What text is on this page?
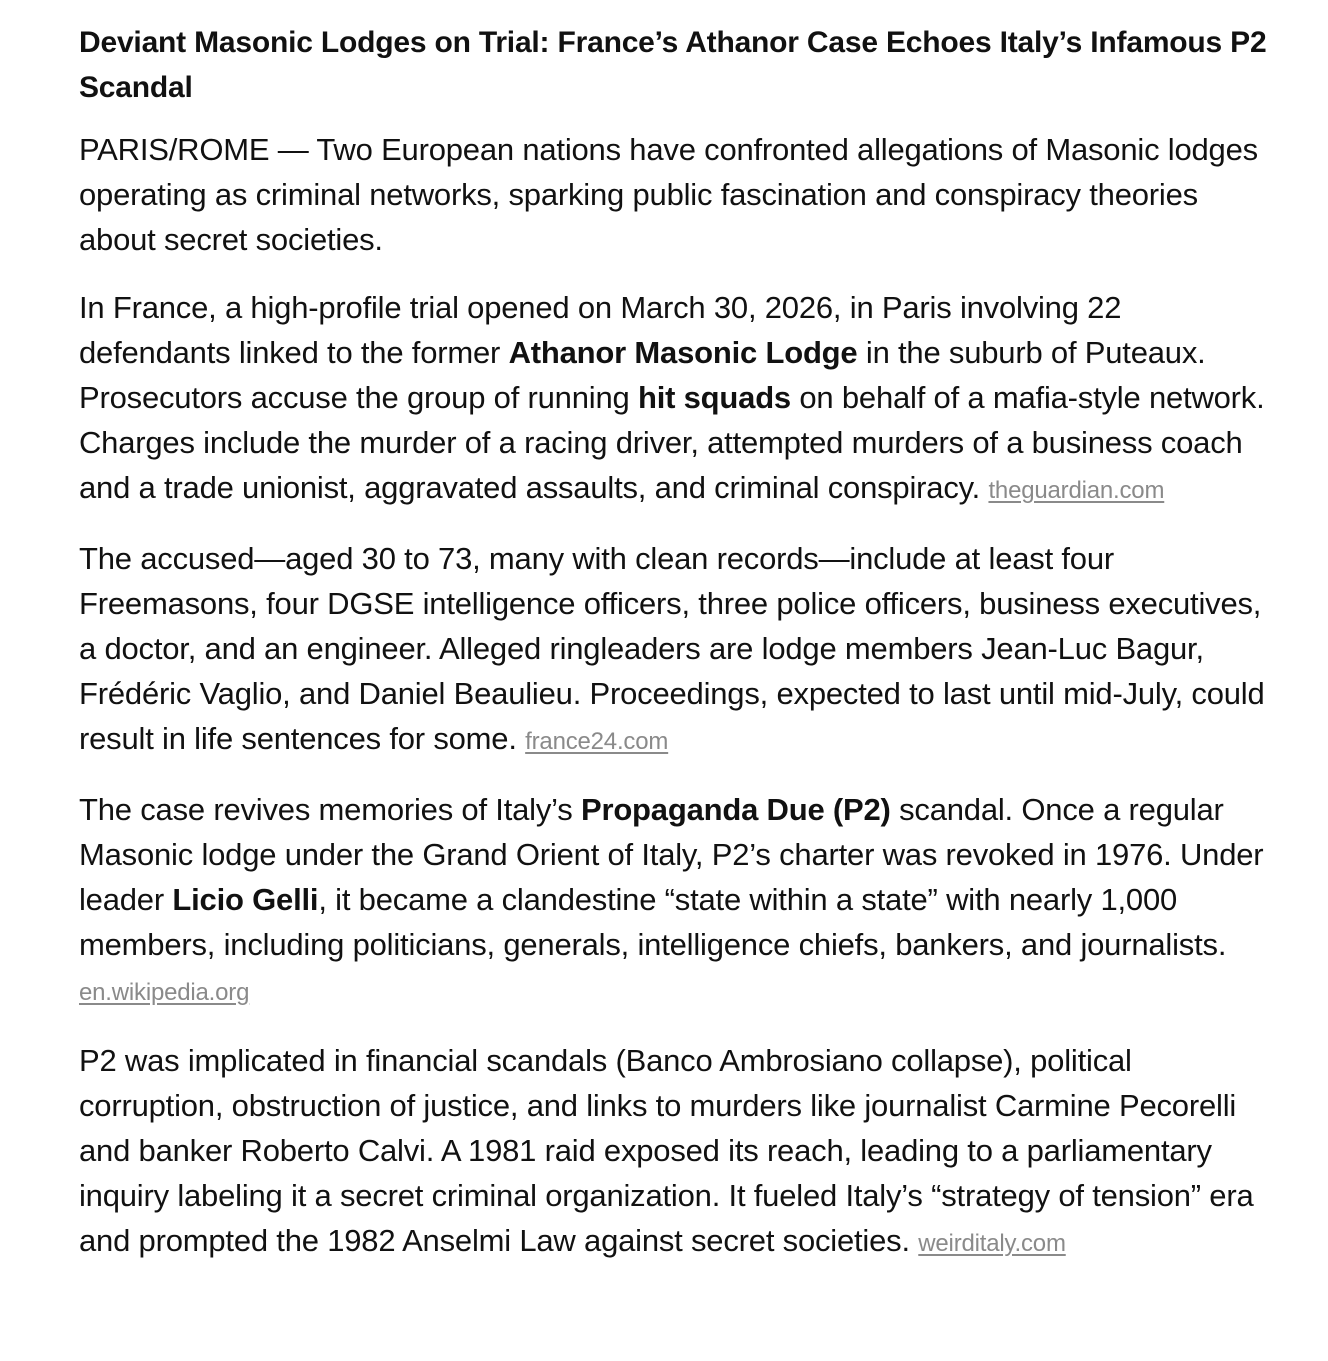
Deviant Masonic Lodges on Trial: France’s Athanor Case Echoes Italy’s Infamous P2 Scandal

PARIS/ROME — Two European nations have confronted allegations of Masonic lodges operating as criminal networks, sparking public fascination and conspiracy theories about secret societies.

In France, a high-profile trial opened on March 30, 2026, in Paris involving 22 defendants linked to the former Athanor Masonic Lodge in the suburb of Puteaux. Prosecutors accuse the group of running hit squads on behalf of a mafia-style network. Charges include the murder of a racing driver, attempted murders of a business coach and a trade unionist, aggravated assaults, and criminal conspiracy. theguardian.com

The accused—aged 30 to 73, many with clean records—include at least four Freemasons, four DGSE intelligence officers, three police officers, business executives, a doctor, and an engineer. Alleged ringleaders are lodge members Jean-Luc Bagur, Frédéric Vaglio, and Daniel Beaulieu. Proceedings, expected to last until mid-July, could result in life sentences for some. france24.com

The case revives memories of Italy’s Propaganda Due (P2) scandal. Once a regular Masonic lodge under the Grand Orient of Italy, P2’s charter was revoked in 1976. Under leader Licio Gelli, it became a clandestine “state within a state” with nearly 1,000 members, including politicians, generals, intelligence chiefs, bankers, and journalists. en.wikipedia.org

P2 was implicated in financial scandals (Banco Ambrosiano collapse), political corruption, obstruction of justice, and links to murders like journalist Carmine Pecorelli and banker Roberto Calvi. A 1981 raid exposed its reach, leading to a parliamentary inquiry labeling it a secret criminal organization. It fueled Italy’s “strategy of tension” era and prompted the 1982 Anselmi Law against secret societies. weirditaly.com
